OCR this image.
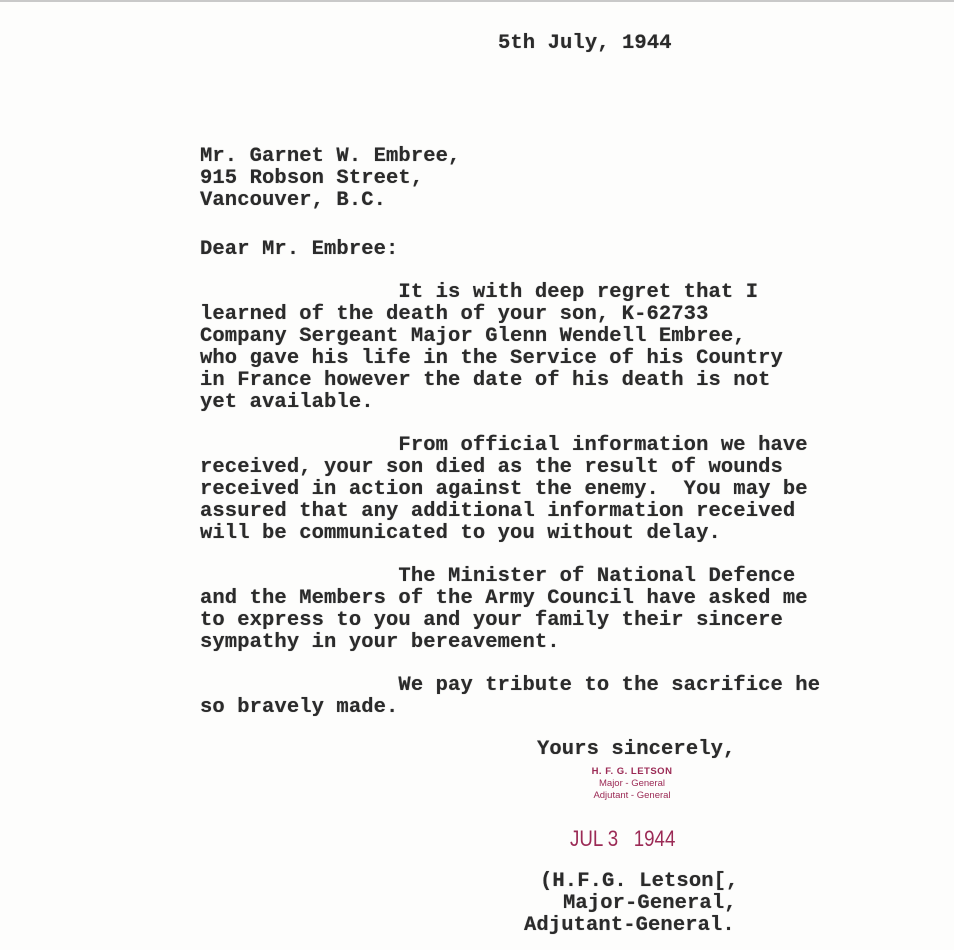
5th July, 1944
Mr. Garnet W. Embree,
915 Robson Street,
Vancouver, B.C.
Dear Mr. Embree:
It is with deep regret that I
learned of the death of your son, K-62733
Company Sergeant Major Glenn Wendell Embree,
who gave his life in the Service of his Country
in France however the date of his death is not
yet available.
From official information we have
received, your son died as the result of wounds
received in action against the enemy.  You may be
assured that any additional information received
will be communicated to you without delay.
The Minister of National Defence
and the Members of the Army Council have asked me
to express to you and your family their sincere
sympathy in your bereavement.
We pay tribute to the sacrifice he
so bravely made.
Yours sincerely,
H. F. G. LETSON
Major - General
Adjutant - General
JUL 3   1944
(H.F.G. Letson[,
Major-General,
Adjutant-General.
